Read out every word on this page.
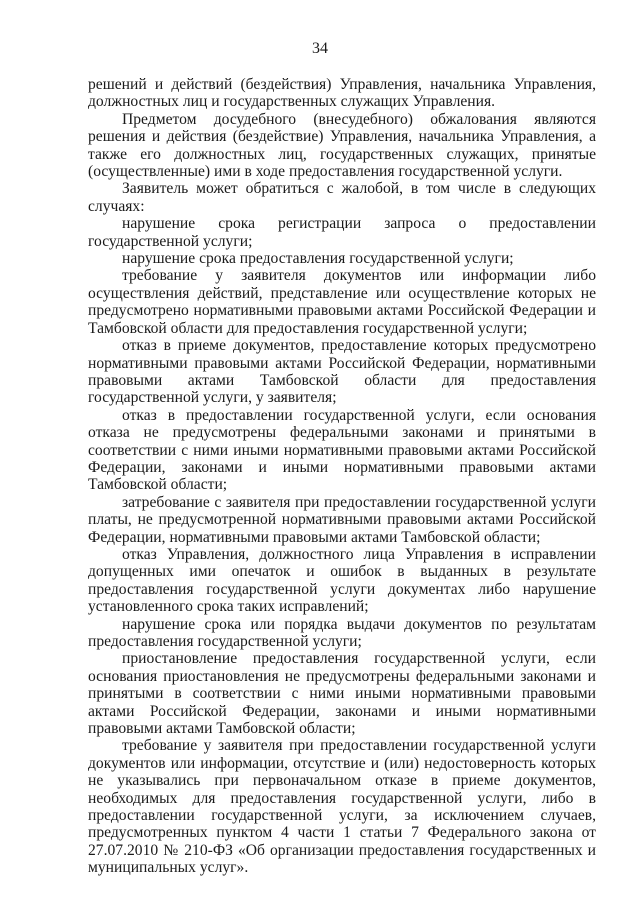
34

решений и действий (бездействия) Управления, начальника Управления, должностных лиц и государственных служащих Управления.

Предметом досудебного (внесудебного) обжалования являются решения и действия (бездействие) Управления, начальника Управления, а также его должностных лиц, государственных служащих, принятые (осуществленные) ими в ходе предоставления государственной услуги.

Заявитель может обратиться с жалобой, в том числе в следующих случаях:

нарушение срока регистрации запроса о предоставлении государственной услуги;

нарушение срока предоставления государственной услуги;

требование у заявителя документов или информации либо осуществления действий, представление или осуществление которых не предусмотрено нормативными правовыми актами Российской Федерации и Тамбовской области для предоставления государственной услуги;

отказ в приеме документов, предоставление которых предусмотрено нормативными правовыми актами Российской Федерации, нормативными правовыми актами Тамбовской области для предоставления государственной услуги, у заявителя;

отказ в предоставлении государственной услуги, если основания отказа не предусмотрены федеральными законами и принятыми в соответствии с ними иными нормативными правовыми актами Российской Федерации, законами и иными нормативными правовыми актами Тамбовской области;

затребование с заявителя при предоставлении государственной услуги платы, не предусмотренной нормативными правовыми актами Российской Федерации, нормативными правовыми актами Тамбовской области;

отказ Управления, должностного лица Управления в исправлении допущенных ими опечаток и ошибок в выданных в результате предоставления государственной услуги документах либо нарушение установленного срока таких исправлений;

нарушение срока или порядка выдачи документов по результатам предоставления государственной услуги;

приостановление предоставления государственной услуги, если основания приостановления не предусмотрены федеральными законами и принятыми в соответствии с ними иными нормативными правовыми актами Российской Федерации, законами и иными нормативными правовыми актами Тамбовской области;

требование у заявителя при предоставлении государственной услуги документов или информации, отсутствие и (или) недостоверность которых не указывались при первоначальном отказе в приеме документов, необходимых для предоставления государственной услуги, либо в предоставлении государственной услуги, за исключением случаев, предусмотренных пунктом 4 части 1 статьи 7 Федерального закона от 27.07.2010 № 210-ФЗ «Об организации предоставления государственных и муниципальных услуг».
